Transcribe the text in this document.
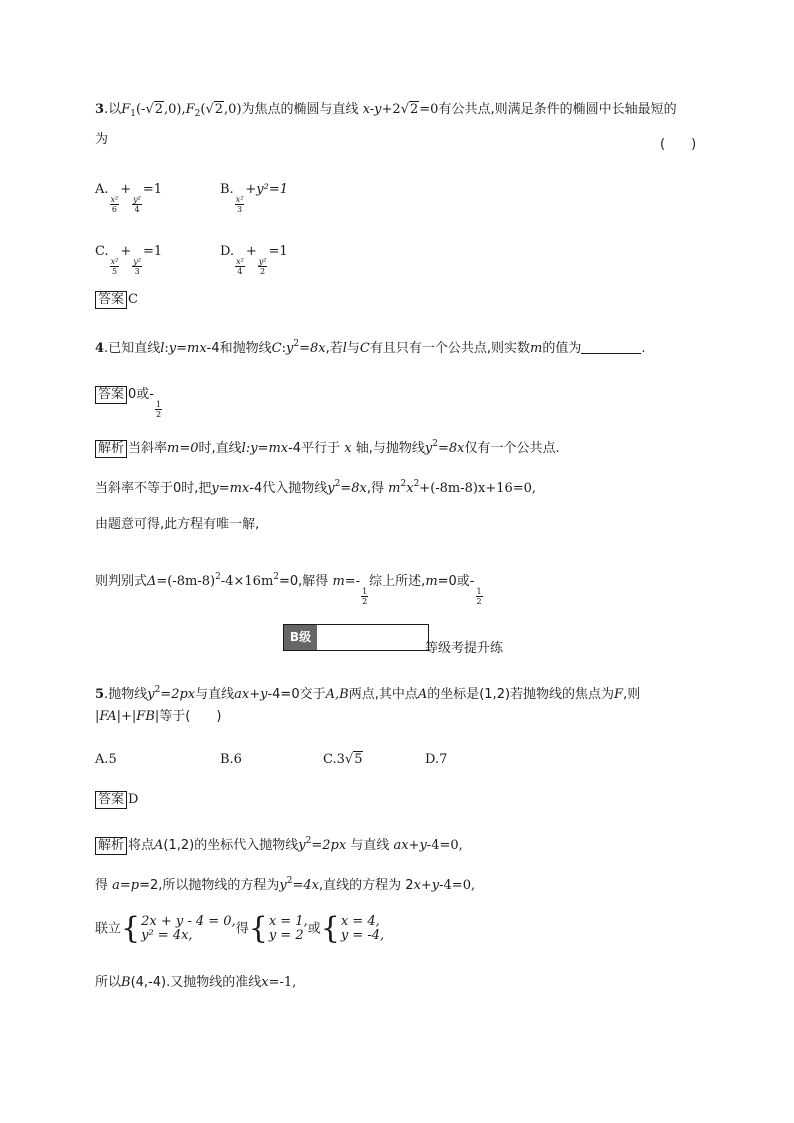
3.以$F_1(-√2,0),F_2(√2,0)$为焦点的椭圆与直线 x-y+2√2=0有公共点,则满足条件的椭圆中长轴最短的
为	(　　)
A.
$\frac{\text{x²}}{6}$
+
$\frac{\text{y²}}{4}$
=1	B.
$\frac{\text{x²}}{3}$
+y²=1
C.
$\frac{\text{x²}}{5}$
+
$\frac{\text{y²}}{3}$
=1	D.
$\frac{\text{x²}}{4}$
+
$\frac{\text{y²}}{2}$
=1
答案 C
4.已知直线l:y=mx-4和抛物线$C:y^2=8x$,若l与C有且只有一个公共点,则实数m的值为	.
答案 0或-
$\frac{1}{2}$
解析 当斜率m=0时,直线l:y=mx-4平行于 x 轴,与抛物线$y^2=8x$仅有一个公共点.
当斜率不等于0时,把y=mx-4代入抛物线$y^2=8x$,得 $m^2x^2+(-8m-8)x+16=0$,
由题意可得,此方程有唯一解,
则判别式$\Delta=(-8m-8)^2-4\times 16m^2=0$,解得 m=-
$\frac{1}{2}$
综上所述,m=0或-
$\frac{1}{2}$
B级
等级考提升练
5.抛物线$y^2=2px$与直线ax+y-4=0交于A,B两点,其中点A的坐标是(1,2)若抛物线的焦点为F,则
|FA|+|FB|等于(　　)
A.5	B.6	C.3√5	D.7
答案 D
解析 将点A(1,2)的坐标代入抛物线$y^2=2px$ 与直线 ax+y-4=0,
得 a=p=2,所以抛物线的方程为$y^2=4x$,直线的方程为 2x+y-4=0,
联立 { 2x + y - 4 = 0,
y² = 4x,	得 { x = 1,
y = 2 或 { x = 4,
y = -4,
所以B(4,-4).又抛物线的准线x=-1,
